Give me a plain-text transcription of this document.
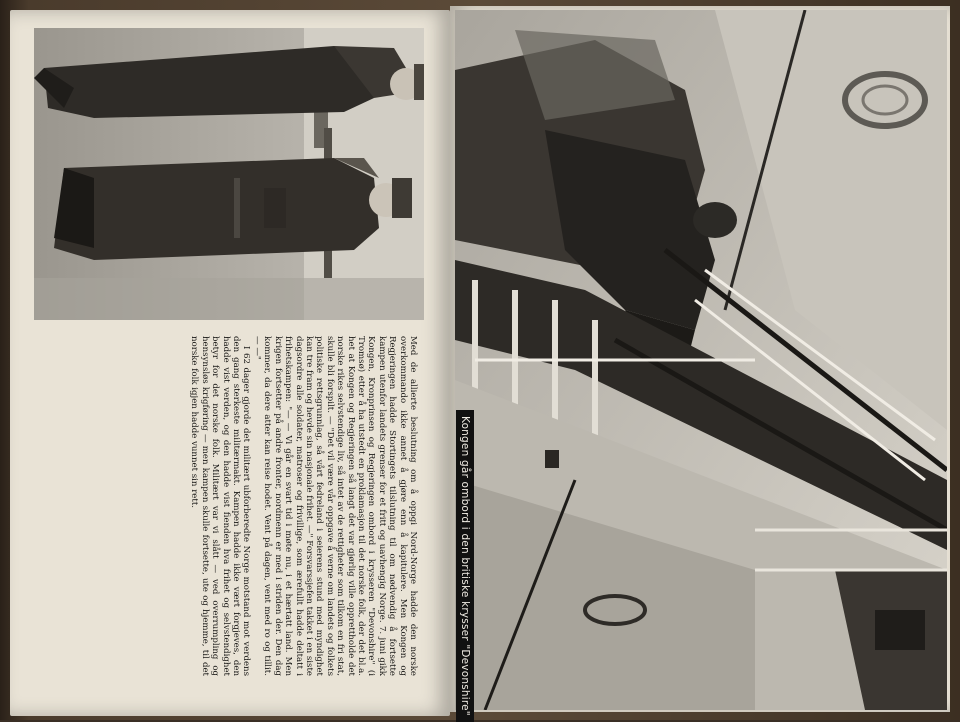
Kongen går ombord i den britiske krysser "Devonshire"

Med de allierte beslutning om å oppgi Nord-Norge hadde den norske overkommando ikke annet å gjøre enn å kapitulere. Men Kongen og Regjeringen hadde Stortingets tilslutning til om nødvendig å fortsette kampen utenfor landets grenser for et fritt og uavhengig Norge. 7. juni gikk Kongen, Kronprinsen og Regjeringen ombord i krysseren "Devonshire" (i Tromsø) etter å ha utstedt en proklamasjon til det norske folk, der det bl.a. het at Kongen og Regjeringen så langt det var gjørlig ville opprettholde det norske rikes selvstendige liv, så intet av de rettigheter som tilkom en fri stat, skulle bli forspilt. — "Det vil være vår oppgave å verne om landets og folkets politiske rettsgrunnlag, så vårt fedreland i seierens stund med myndighet kan tre fram og hevde sin nasjonale frihet. —" Forsvarssjefen takket i en siste dagsordre alle soldater, matroser og frivillige, som ærefullt hadde deltatt i frihetskampen: "— — Vi går en svart tid i møte nu, i et hærtatt land. Men krigen fortsetter på andre fronter, nordmenn er med i striden der. Den dag kommer, da dere atter kan reise hodet. Vent på dagen, vent med ro og tillit. — —"

I 62 dager gjorde det militært ubforberedte Norge motstand mot verdens den gang sterkeste militærmakt. Kampen hadde ikke vært forgjeves, den hadde vist verden, og den hadde vist fienden hva frihet og selvstendighet betyr for det norske folk. Militært var vi slått — ved overrumpling og hensynsløs krigføring — men kampen skulle fortsette, ute og hjemme, til det norske folk igjen hadde vunnet sin rett.
